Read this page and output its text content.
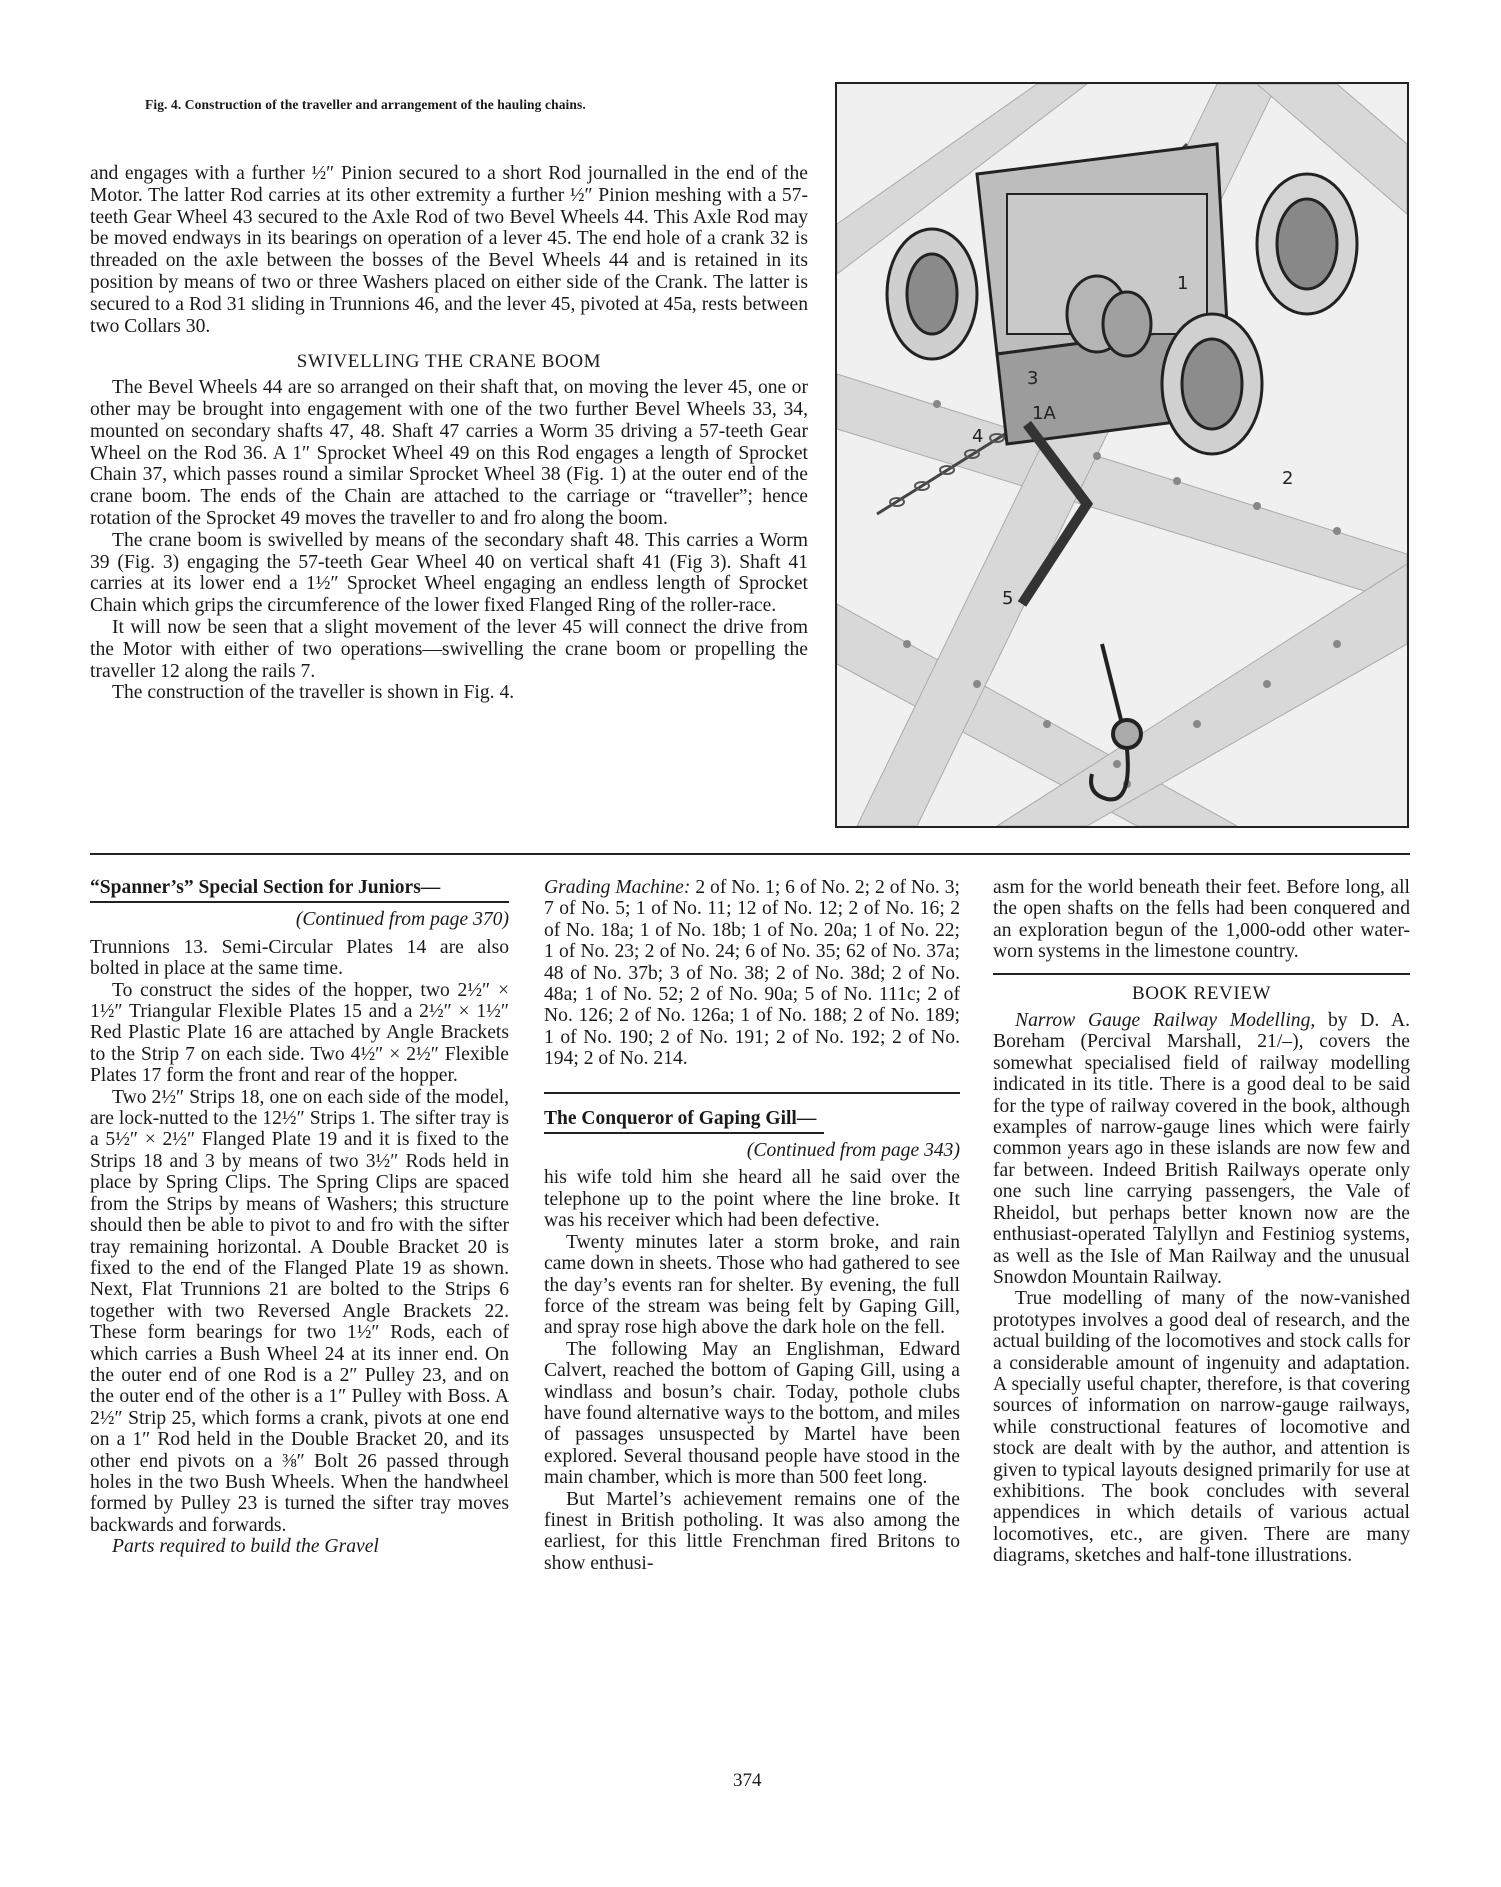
Fig. 4. Construction of the traveller and arrangement of the hauling chains.

and engages with a further ½″ Pinion secured to a short Rod journalled in the end of the Motor. The latter Rod carries at its other extremity a further ½″ Pinion meshing with a 57-teeth Gear Wheel 43 secured to the Axle Rod of two Bevel Wheels 44. This Axle Rod may be moved endways in its bearings on operation of a lever 45. The end hole of a crank 32 is threaded on the axle between the bosses of the Bevel Wheels 44 and is retained in its position by means of two or three Washers placed on either side of the Crank. The latter is secured to a Rod 31 sliding in Trunnions 46, and the lever 45, pivoted at 45a, rests between two Collars 30.

SWIVELLING THE CRANE BOOM

The Bevel Wheels 44 are so arranged on their shaft that, on moving the lever 45, one or other may be brought into engagement with one of the two further Bevel Wheels 33, 34, mounted on secondary shafts 47, 48. Shaft 47 carries a Worm 35 driving a 57-teeth Gear Wheel on the Rod 36. A 1″ Sprocket Wheel 49 on this Rod engages a length of Sprocket Chain 37, which passes round a similar Sprocket Wheel 38 (Fig. 1) at the outer end of the crane boom. The ends of the Chain are attached to the carriage or “traveller”; hence rotation of the Sprocket 49 moves the traveller to and fro along the boom.

The crane boom is swivelled by means of the secondary shaft 48. This carries a Worm 39 (Fig. 3) engaging the 57-teeth Gear Wheel 40 on vertical shaft 41 (Fig 3). Shaft 41 carries at its lower end a 1½″ Sprocket Wheel engaging an endless length of Sprocket Chain which grips the circumference of the lower fixed Flanged Ring of the roller-race.

It will now be seen that a slight movement of the lever 45 will connect the drive from the Motor with either of two operations—swivelling the crane boom or propelling the traveller 12 along the rails 7.

The construction of the traveller is shown in Fig. 4.

1
1A
2
3
4
5
“Spanner’s” Special Section for Juniors—
(Continued from page 370)

Trunnions 13. Semi-Circular Plates 14 are also bolted in place at the same time.

To construct the sides of the hopper, two 2½″ × 1½″ Triangular Flexible Plates 15 and a 2½″ × 1½″ Red Plastic Plate 16 are attached by Angle Brackets to the Strip 7 on each side. Two 4½″ × 2½″ Flexible Plates 17 form the front and rear of the hopper.

Two 2½″ Strips 18, one on each side of the model, are lock-nutted to the 12½″ Strips 1. The sifter tray is a 5½″ × 2½″ Flanged Plate 19 and it is fixed to the Strips 18 and 3 by means of two 3½″ Rods held in place by Spring Clips. The Spring Clips are spaced from the Strips by means of Washers; this structure should then be able to pivot to and fro with the sifter tray remaining horizontal. A Double Bracket 20 is fixed to the end of the Flanged Plate 19 as shown. Next, Flat Trunnions 21 are bolted to the Strips 6 together with two Reversed Angle Brackets 22. These form bearings for two 1½″ Rods, each of which carries a Bush Wheel 24 at its inner end. On the outer end of one Rod is a 2″ Pulley 23, and on the outer end of the other is a 1″ Pulley with Boss. A 2½″ Strip 25, which forms a crank, pivots at one end on a 1″ Rod held in the Double Bracket 20, and its other end pivots on a ⅜″ Bolt 26 passed through holes in the two Bush Wheels. When the handwheel formed by Pulley 23 is turned the sifter tray moves backwards and forwards.

Parts required to build the Gravel

Grading Machine: 2 of No. 1; 6 of No. 2; 2 of No. 3; 7 of No. 5; 1 of No. 11; 12 of No. 12; 2 of No. 16; 2 of No. 18a; 1 of No. 18b; 1 of No. 20a; 1 of No. 22; 1 of No. 23; 2 of No. 24; 6 of No. 35; 62 of No. 37a; 48 of No. 37b; 3 of No. 38; 2 of No. 38d; 2 of No. 48a; 1 of No. 52; 2 of No. 90a; 5 of No. 111c; 2 of No. 126; 2 of No. 126a; 1 of No. 188; 2 of No. 189; 1 of No. 190; 2 of No. 191; 2 of No. 192; 2 of No. 194; 2 of No. 214.

The Conqueror of Gaping Gill—
(Continued from page 343)

his wife told him she heard all he said over the telephone up to the point where the line broke. It was his receiver which had been defective.

Twenty minutes later a storm broke, and rain came down in sheets. Those who had gathered to see the day’s events ran for shelter. By evening, the full force of the stream was being felt by Gaping Gill, and spray rose high above the dark hole on the fell.

The following May an Englishman, Edward Calvert, reached the bottom of Gaping Gill, using a windlass and bosun’s chair. Today, pothole clubs have found alternative ways to the bottom, and miles of passages unsuspected by Martel have been explored. Several thousand people have stood in the main chamber, which is more than 500 feet long.

But Martel’s achievement remains one of the finest in British potholing. It was also among the earliest, for this little Frenchman fired Britons to show enthusi-

asm for the world beneath their feet. Before long, all the open shafts on the fells had been conquered and an exploration begun of the 1,000-odd other water-worn systems in the limestone country.

BOOK REVIEW

Narrow Gauge Railway Modelling, by D. A. Boreham (Percival Marshall, 21/–), covers the somewhat specialised field of railway modelling indicated in its title. There is a good deal to be said for the type of railway covered in the book, although examples of narrow-gauge lines which were fairly common years ago in these islands are now few and far between. Indeed British Railways operate only one such line carrying passengers, the Vale of Rheidol, but perhaps better known now are the enthusiast-operated Talyllyn and Festiniog systems, as well as the Isle of Man Railway and the unusual Snowdon Mountain Railway.

True modelling of many of the now-vanished prototypes involves a good deal of research, and the actual building of the locomotives and stock calls for a considerable amount of ingenuity and adaptation. A specially useful chapter, therefore, is that covering sources of information on narrow-gauge railways, while constructional features of locomotive and stock are dealt with by the author, and attention is given to typical layouts designed primarily for use at exhibitions. The book concludes with several appendices in which details of various actual locomotives, etc., are given. There are many diagrams, sketches and half-tone illustrations.

374
